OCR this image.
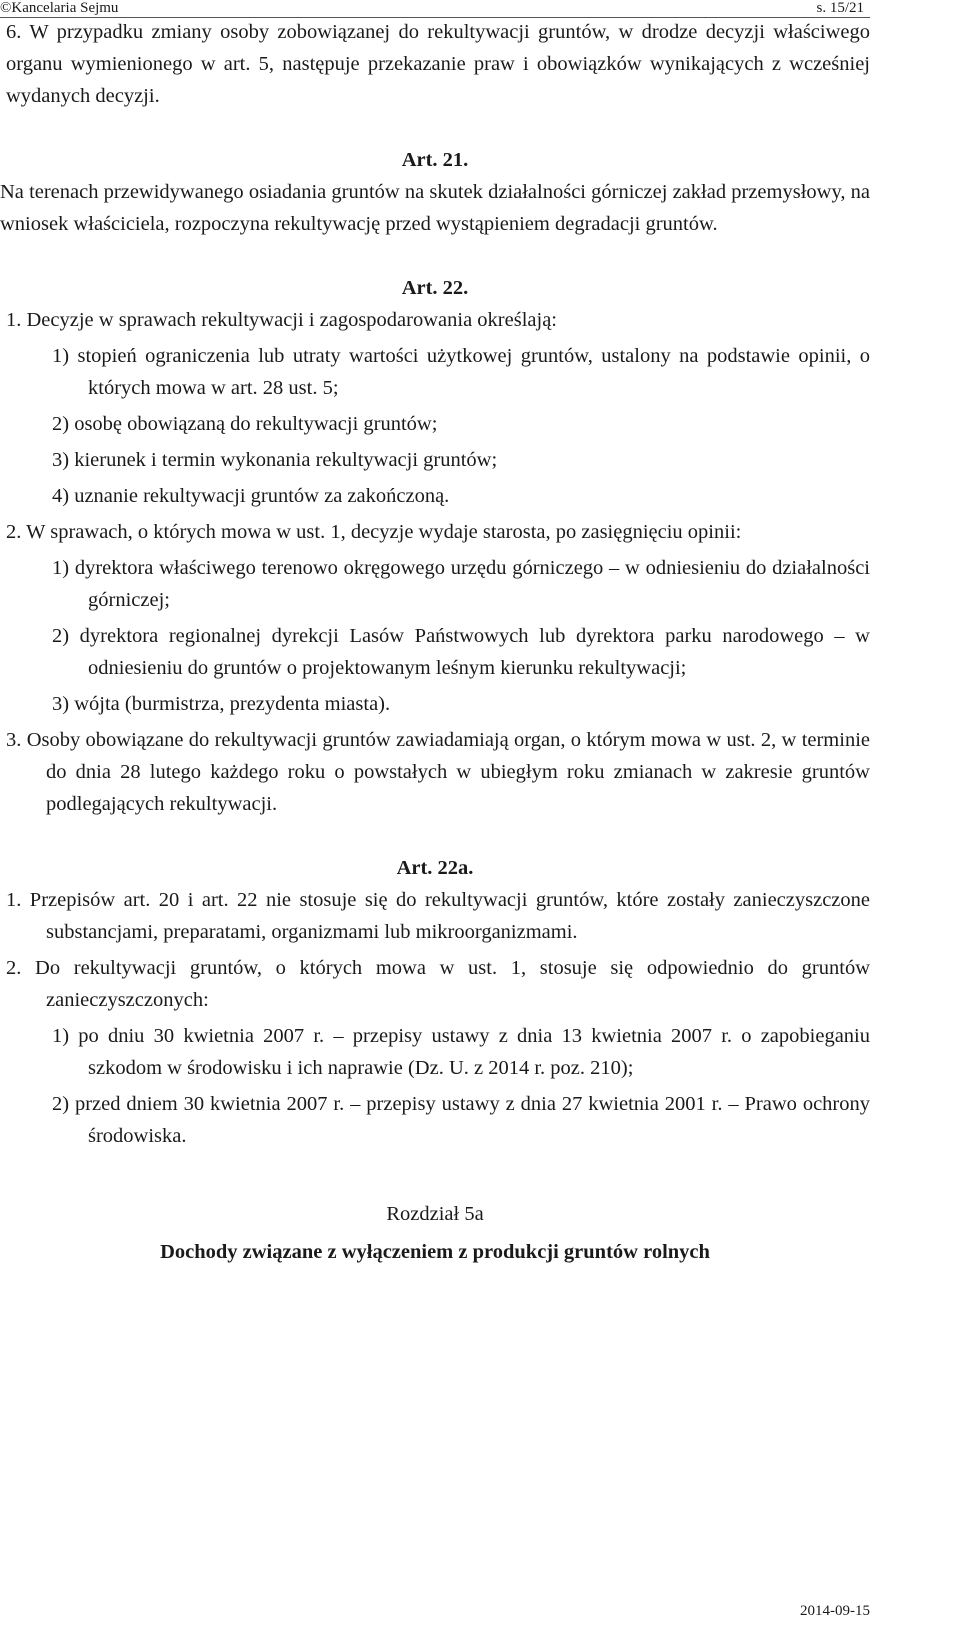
©Kancelaria Sejmu	s. 15/21

6. W przypadku zmiany osoby zobowiązanej do rekultywacji gruntów, w drodze decyzji właściwego organu wymienionego w art. 5, następuje przekazanie praw i obowiązków wynikających z wcześniej wydanych decyzji.

Art. 21.

Na terenach przewidywanego osiadania gruntów na skutek działalności górniczej zakład przemysłowy, na wniosek właściciela, rozpoczyna rekultywację przed wystąpieniem degradacji gruntów.

Art. 22.

1. Decyzje w sprawach rekultywacji i zagospodarowania określają:

1) stopień ograniczenia lub utraty wartości użytkowej gruntów, ustalony na podstawie opinii, o których mowa w art. 28 ust. 5;

2) osobę obowiązaną do rekultywacji gruntów;

3) kierunek i termin wykonania rekultywacji gruntów;

4) uznanie rekultywacji gruntów za zakończoną.

2. W sprawach, o których mowa w ust. 1, decyzje wydaje starosta, po zasięgnięciu opinii:

1) dyrektora właściwego terenowo okręgowego urzędu górniczego – w odniesieniu do działalności górniczej;

2) dyrektora regionalnej dyrekcji Lasów Państwowych lub dyrektora parku narodowego – w odniesieniu do gruntów o projektowanym leśnym kierunku rekultywacji;

3) wójta (burmistrza, prezydenta miasta).

3. Osoby obowiązane do rekultywacji gruntów zawiadamiają organ, o którym mowa w ust. 2, w terminie do dnia 28 lutego każdego roku o powstałych w ubiegłym roku zmianach w zakresie gruntów podlegających rekultywacji.

Art. 22a.

1. Przepisów art. 20 i art. 22 nie stosuje się do rekultywacji gruntów, które zostały zanieczyszczone substancjami, preparatami, organizmami lub mikroorganizmami.

2. Do rekultywacji gruntów, o których mowa w ust. 1, stosuje się odpowiednio do gruntów zanieczyszczonych:

1) po dniu 30 kwietnia 2007 r. – przepisy ustawy z dnia 13 kwietnia 2007 r. o zapobieganiu szkodom w środowisku i ich naprawie (Dz. U. z 2014 r. poz. 210);

2) przed dniem 30 kwietnia 2007 r. – przepisy ustawy z dnia 27 kwietnia 2001 r. – Prawo ochrony środowiska.

Rozdział 5a

Dochody związane z wyłączeniem z produkcji gruntów rolnych

2014-09-15
